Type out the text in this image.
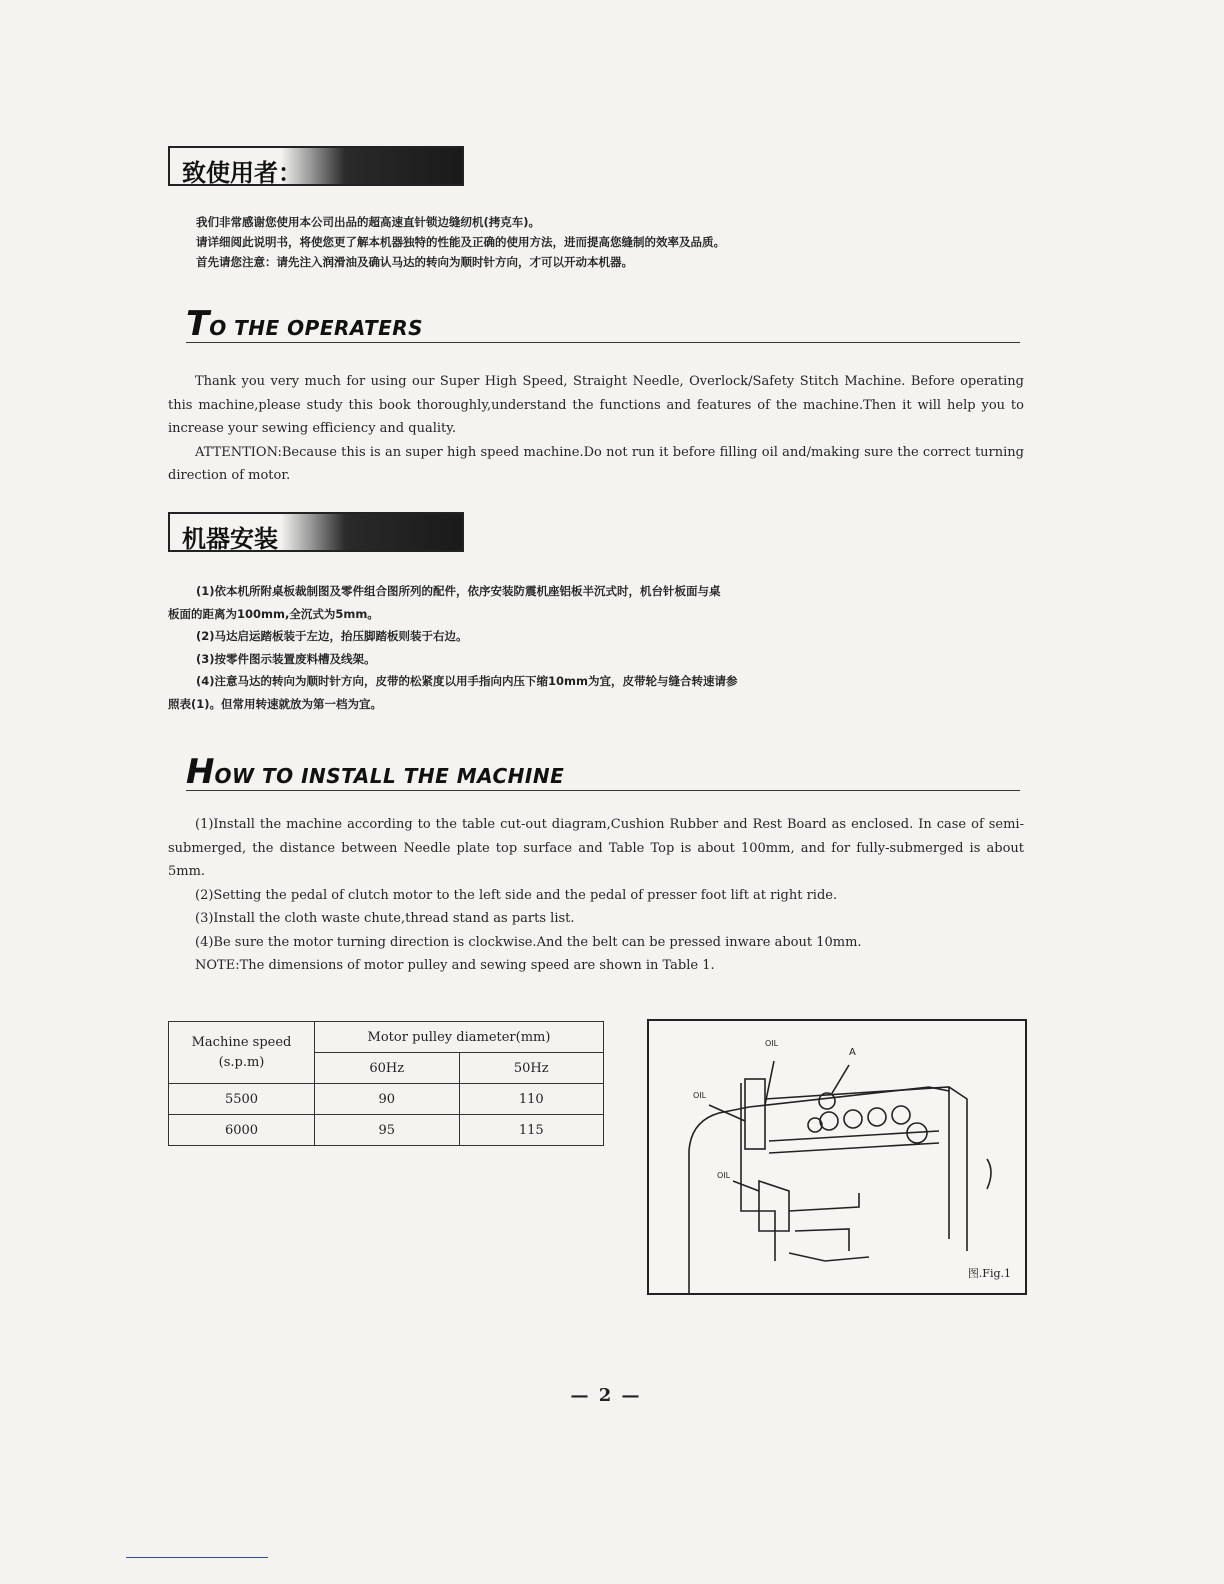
致使用者：

我们非常感谢您使用本公司出品的超高速直针锁边缝纫机(拷克车)。

请详细阅此说明书，将使您更了解本机器独特的性能及正确的使用方法，进而提高您缝制的效率及品质。

首先请您注意：请先注入润滑油及确认马达的转向为顺时针方向，才可以开动本机器。

TO THE OPERATERS

Thank you very much for using our Super High Speed, Straight Needle, Overlock/Safety Stitch Machine. Before operating this machine,please study this book thoroughly,understand the functions and features of the machine.Then it will help you to increase your sewing efficiency and quality.

ATTENTION:Because this is an super high speed machine.Do not run it before filling oil and/making sure the correct turning direction of motor.

机器安装

(1)依本机所附桌板裁制图及零件组合图所列的配件，依序安装防震机座铝板半沉式时，机台针板面与桌

板面的距离为100mm,全沉式为5mm。

(2)马达启运踏板装于左边，抬压脚踏板则装于右边。

(3)按零件图示装置废料槽及线架。

(4)注意马达的转向为顺时针方向，皮带的松紧度以用手指向内压下缩10mm为宜，皮带轮与缝合转速请参

照表(1)。但常用转速就放为第一档为宜。

HOW TO INSTALL THE MACHINE

(1)Install the machine according to the table cut-out diagram,Cushion Rubber and Rest Board as enclosed. In case of semi-submerged, the distance between Needle plate top surface and Table Top is about 100mm, and for fully-submerged is about 5mm.

(2)Setting the pedal of clutch motor to the left side and the pedal of presser foot lift at right ride.

(3)Install the cloth waste chute,thread stand as parts list.

(4)Be sure the motor turning direction is clockwise.And the belt can be pressed inware about 10mm.

NOTE:The dimensions of motor pulley and sewing speed are shown in Table 1.

Machine speed
(s.p.m)	Motor pulley diameter(mm)	
	60Hz	50Hz
5500	90	110
6000	95	115
OIL
A
OIL
OIL
图.Fig.1
— 2 —
